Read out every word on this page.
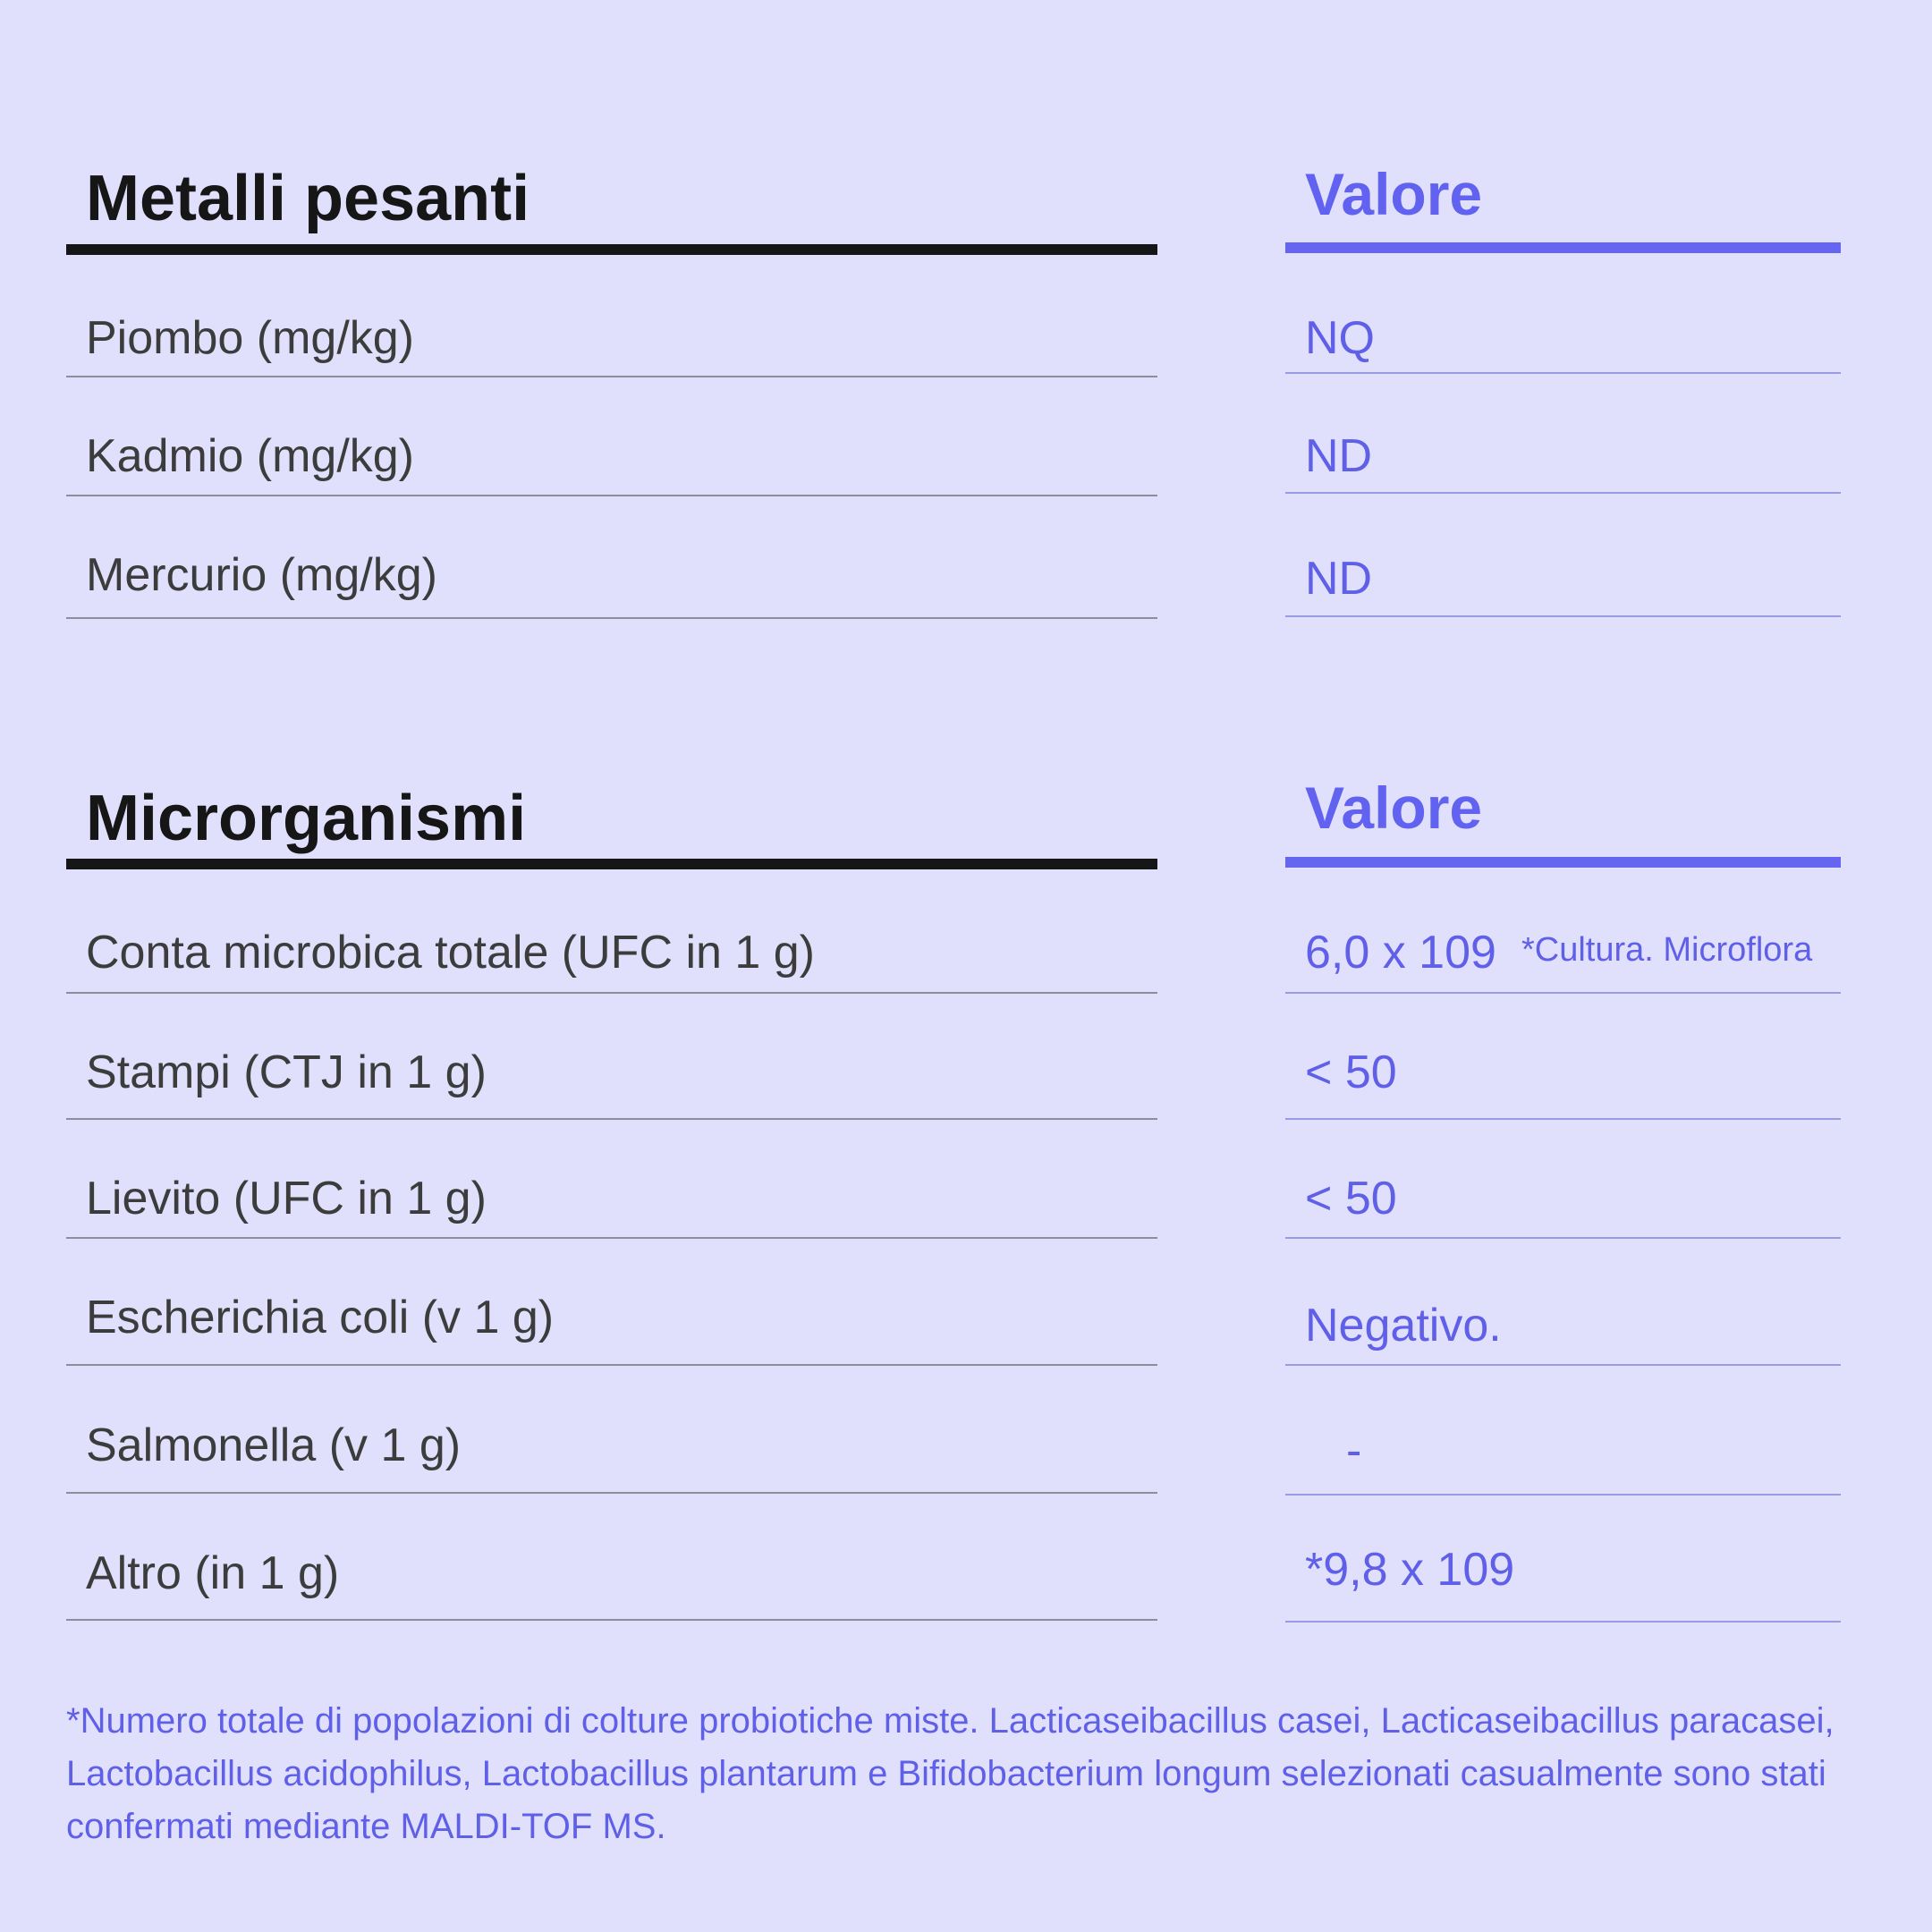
Metalli pesanti	Valore
Piombo (mg/kg)	NQ
Kadmio (mg/kg)	ND
Mercurio (mg/kg)	ND
Microrganismi	Valore
Conta microbica totale (UFC in 1 g)	6,0 x 109 *Cultura. Microflora
Stampi (CTJ in 1 g)	< 50
Lievito (UFC in 1 g)	< 50
Escherichia coli (v 1 g)	Negativo.
Salmonella (v 1 g)	-
Altro (in 1 g)	*9,8 x 109
*Numero totale di popolazioni di colture probiotiche miste. Lacticaseibacillus casei, Lacticaseibacillus paracasei, Lactobacillus acidophilus, Lactobacillus plantarum e Bifidobacterium longum selezionati casualmente sono stati confermati mediante MALDI-TOF MS.
